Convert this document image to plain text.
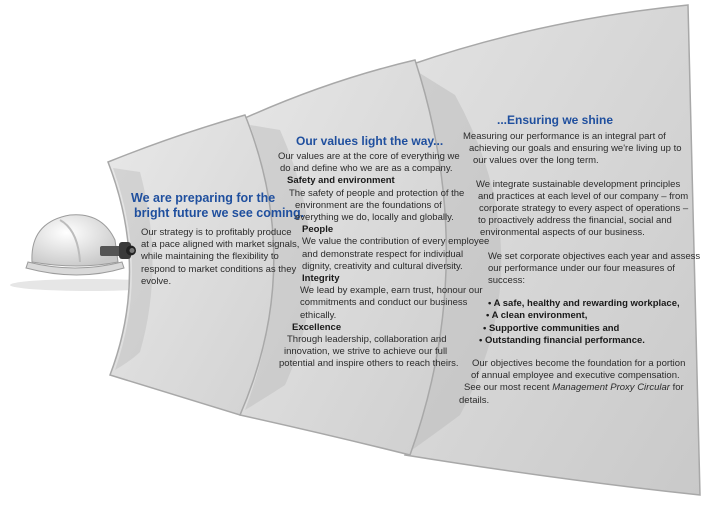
We are preparing for the
bright future we see coming.
Our strategy is to profitably produce
at a pace aligned with market signals,
while maintaining the flexibility to
respond to market conditions as they
evolve.
Our values light the way...
Our values are at the core of everything we
do and define who we are as a company.
Safety and environment
The safety of people and protection of the
environment are the foundations of
everything we do, locally and globally.
People
We value the contribution of every employee
and demonstrate respect for individual
dignity, creativity and cultural diversity.
Integrity
We lead by example, earn trust, honour our
commitments and conduct our business
ethically.
Excellence
Through leadership, collaboration and
innovation, we strive to achieve our full
potential and inspire others to reach theirs.
...Ensuring we shine
Measuring our performance is an integral part of
achieving our goals and ensuring we're living up to
our values over the long term.
We integrate sustainable development principles
and practices at each level of our company – from
corporate strategy to every aspect of operations –
to proactively address the financial, social and
environmental aspects of our business.
We set corporate objectives each year and assess
our performance under our four measures of
success:
• A safe, healthy and rewarding workplace,
• A clean environment,
• Supportive communities and
• Outstanding financial performance.
Our objectives become the foundation for a portion
of annual employee and executive compensation.
See our most recent Management Proxy Circular for
details.
